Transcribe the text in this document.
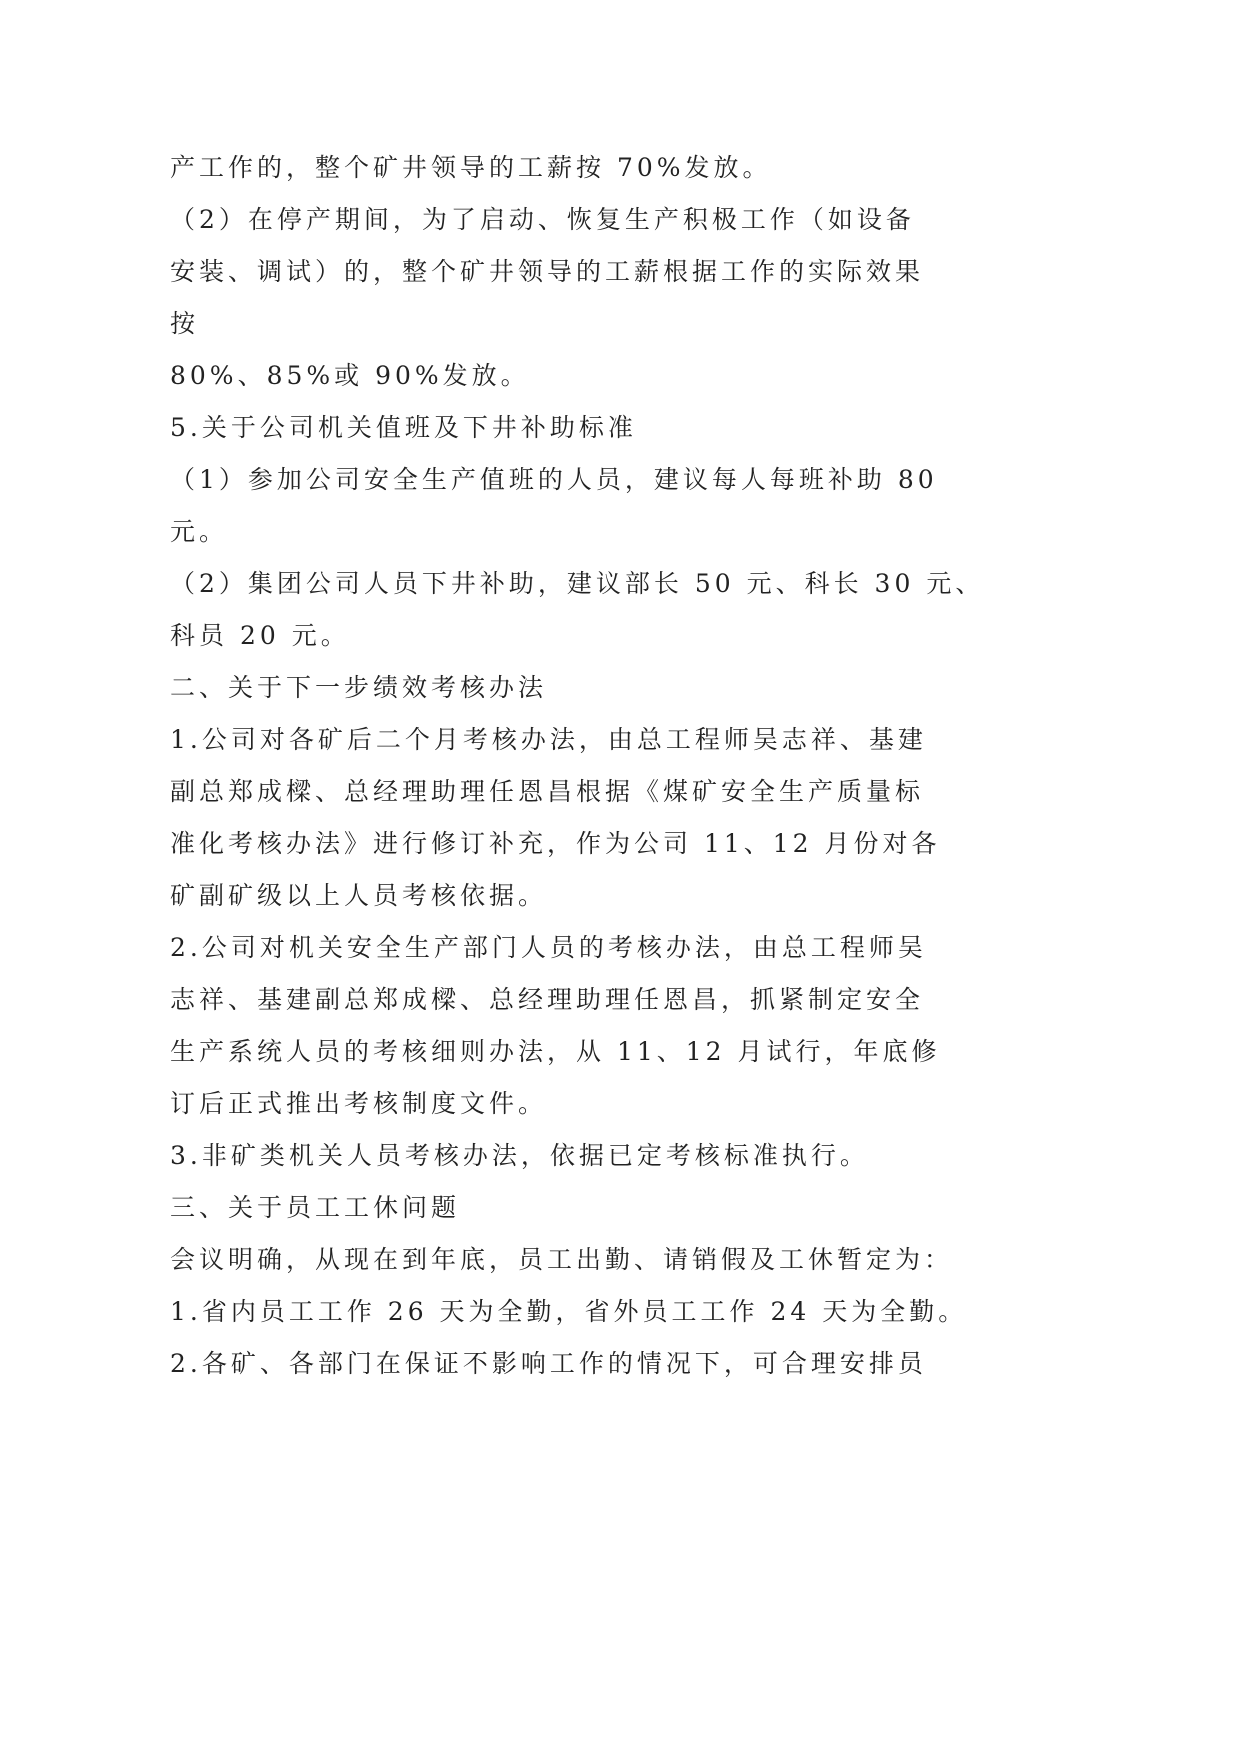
产工作的，整个矿井领导的工薪按 70%发放。
（2）在停产期间，为了启动、恢复生产积极工作（如设备
安装、调试）的，整个矿井领导的工薪根据工作的实际效果
按
80%、85%或 90%发放。
5.关于公司机关值班及下井补助标准
（1）参加公司安全生产值班的人员，建议每人每班补助 80
元。
（2）集团公司人员下井补助，建议部长 50 元、科长 30 元、
科员 20 元。
二、关于下一步绩效考核办法
1.公司对各矿后二个月考核办法，由总工程师吴志祥、基建
副总郑成樑、总经理助理任恩昌根据《煤矿安全生产质量标
准化考核办法》进行修订补充，作为公司 11、12 月份对各
矿副矿级以上人员考核依据。
2.公司对机关安全生产部门人员的考核办法，由总工程师吴
志祥、基建副总郑成樑、总经理助理任恩昌，抓紧制定安全
生产系统人员的考核细则办法，从 11、12 月试行，年底修
订后正式推出考核制度文件。
3.非矿类机关人员考核办法，依据已定考核标准执行。
三、关于员工工休问题
会议明确，从现在到年底，员工出勤、请销假及工休暂定为：
1.省内员工工作 26 天为全勤，省外员工工作 24 天为全勤。
2.各矿、各部门在保证不影响工作的情况下，可合理安排员
